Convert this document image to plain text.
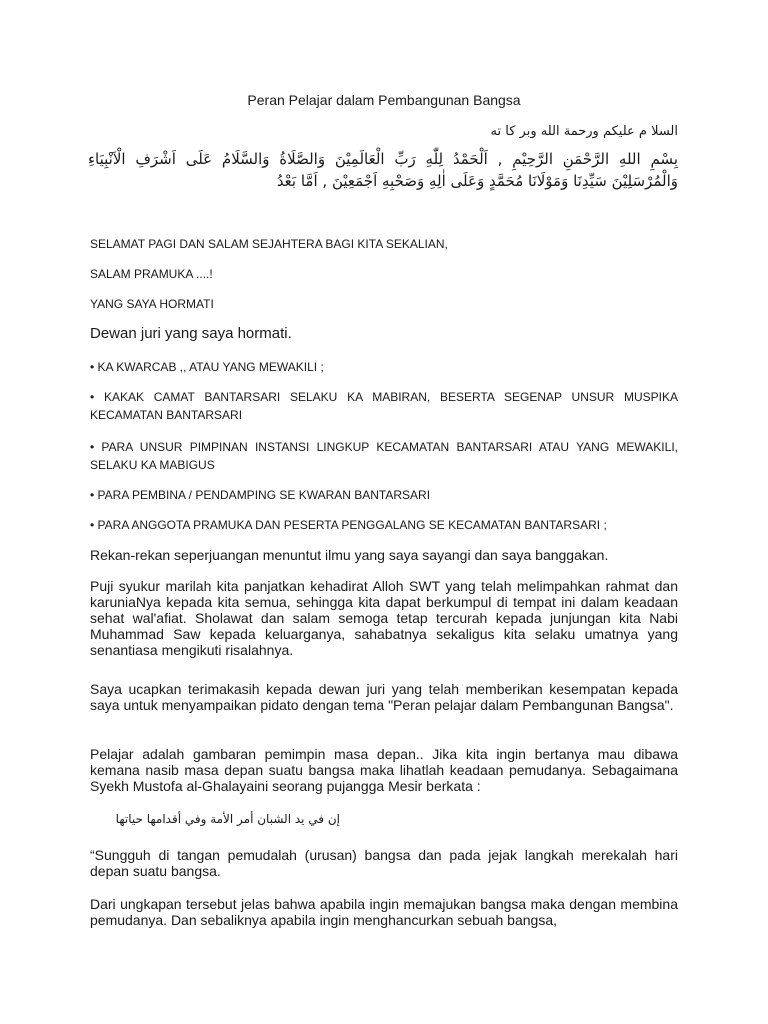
Peran Pelajar dalam Pembangunan Bangsa
السلا م عليكم ورحمة الله وبر كا ته
بِسْمِ اللهِ الرَّحْمَنِ الرَّحِيْمِ , اَلْحَمْدُ لِلّٰهِ رَبِّ الْعَالَمِيْنَ وَالصَّلَاةُ وَالسَّلَامُ عَلَى اَشْرَفِ الْاَنْبِيَاءِ وَالْمُرْسَلِيْنَ سَيِّدِنَا وَمَوْلَانَا مُحَمَّدٍ وَعَلَى اٰلِهِ وَصَحْبِهِ اَجْمَعِيْنَ , اَمَّا بَعْدُ
SELAMAT PAGI DAN SALAM SEJAHTERA BAGI KITA SEKALIAN,
SALAM PRAMUKA ....!
YANG SAYA HORMATI
Dewan juri yang saya hormati.
• KA KWARCAB ,, ATAU YANG MEWAKILI ;
• KAKAK CAMAT BANTARSARI SELAKU KA MABIRAN, BESERTA SEGENAP UNSUR MUSPIKA KECAMATAN BANTARSARI
• PARA UNSUR PIMPINAN INSTANSI LINGKUP KECAMATAN BANTARSARI ATAU YANG MEWAKILI, SELAKU KA MABIGUS
• PARA PEMBINA / PENDAMPING SE KWARAN BANTARSARI
• PARA ANGGOTA PRAMUKA DAN PESERTA PENGGALANG SE KECAMATAN BANTARSARI ;
Rekan-rekan seperjuangan menuntut ilmu yang saya sayangi dan saya banggakan.
Puji syukur marilah kita panjatkan kehadirat Alloh SWT yang telah melimpahkan rahmat dan karuniaNya kepada kita semua, sehingga kita dapat berkumpul di tempat ini dalam keadaan sehat wal'afiat. Sholawat dan salam semoga tetap tercurah kepada junjungan kita Nabi Muhammad Saw kepada keluarganya, sahabatnya sekaligus kita selaku umatnya yang senantiasa mengikuti risalahnya.
Saya ucapkan terimakasih kepada dewan juri yang telah memberikan kesempatan kepada saya untuk menyampaikan pidato dengan tema "Peran pelajar dalam Pembangunan Bangsa".
Pelajar adalah gambaran pemimpin masa depan.. Jika kita ingin bertanya mau dibawa kemana nasib masa depan suatu bangsa maka lihatlah keadaan pemudanya. Sebagaimana Syekh Mustofa al-Ghalayaini seorang pujangga Mesir berkata :
إن في يد الشبان أمر الأمة وفي أقدامها حياتها
“Sungguh di tangan pemudalah (urusan) bangsa dan pada jejak langkah merekalah hari depan suatu bangsa.
Dari ungkapan tersebut jelas bahwa apabila ingin memajukan bangsa maka dengan membina pemudanya. Dan sebaliknya apabila ingin menghancurkan sebuah bangsa,
